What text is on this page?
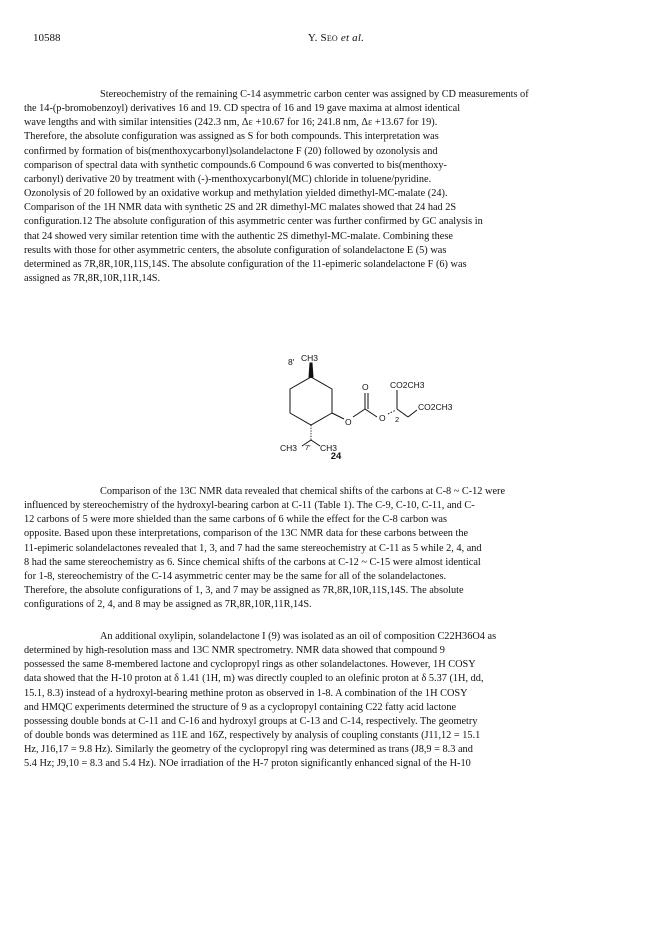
10588	Y. Seo et al.
Stereochemistry of the remaining C-14 asymmetric carbon center was assigned by CD measurements of
the 14-(p-bromobenzoyl) derivatives 16 and 19. CD spectra of 16 and 19 gave maxima at almost identical
wave lengths and with similar intensities (242.3 nm, Δε +10.67 for 16; 241.8 nm, Δε +13.67 for 19).
Therefore, the absolute configuration was assigned as S for both compounds. This interpretation was
confirmed by formation of bis(menthoxycarbonyl)solandelactone F (20) followed by ozonolysis and
comparison of spectral data with synthetic compounds.6 Compound 6 was converted to bis(menthoxy-
carbonyl) derivative 20 by treatment with (-)-menthoxycarbonyl(MC) chloride in toluene/pyridine.
Ozonolysis of 20 followed by an oxidative workup and methylation yielded dimethyl-MC-malate (24).
Comparison of the 1H NMR data with synthetic 2S and 2R dimethyl-MC malates showed that 24 had 2S
configuration.12 The absolute configuration of this asymmetric center was further confirmed by GC analysis in
that 24 showed very similar retention time with the authentic 2S dimethyl-MC-malate. Combining these
results with those for other asymmetric centers, the absolute configuration of solandelactone E (5) was
determined as 7R,8R,10R,11S,14S. The absolute configuration of the 11-epimeric solandelactone F (6) was
assigned as 7R,8R,10R,11R,14S.
8' CH3
O
O	O 2
CO2CH3
CO2CH3
CH3 7' CH3
24
Comparison of the 13C NMR data revealed that chemical shifts of the carbons at C-8 ~ C-12 were
influenced by stereochemistry of the hydroxyl-bearing carbon at C-11 (Table 1). The C-9, C-10, C-11, and C-
12 carbons of 5 were more shielded than the same carbons of 6 while the effect for the C-8 carbon was
opposite. Based upon these interpretations, comparison of the 13C NMR data for these carbons between the
11-epimeric solandelactones revealed that 1, 3, and 7 had the same stereochemistry at C-11 as 5 while 2, 4, and
8 had the same stereochemistry as 6. Since chemical shifts of the carbons at C-12 ~ C-15 were almost identical
for 1-8, stereochemistry of the C-14 asymmetric center may be the same for all of the solandelactones.
Therefore, the absolute configurations of 1, 3, and 7 may be assigned as 7R,8R,10R,11S,14S. The absolute
configurations of 2, 4, and 8 may be assigned as 7R,8R,10R,11R,14S.
An additional oxylipin, solandelactone I (9) was isolated as an oil of composition C22H36O4 as
determined by high-resolution mass and 13C NMR spectrometry. NMR data showed that compound 9
possessed the same 8-membered lactone and cyclopropyl rings as other solandelactones. However, 1H COSY
data showed that the H-10 proton at δ 1.41 (1H, m) was directly coupled to an olefinic proton at δ 5.37 (1H, dd,
15.1, 8.3) instead of a hydroxyl-bearing methine proton as observed in 1-8. A combination of the 1H COSY
and HMQC experiments determined the structure of 9 as a cyclopropyl containing C22 fatty acid lactone
possessing double bonds at C-11 and C-16 and hydroxyl groups at C-13 and C-14, respectively. The geometry
of double bonds was determined as 11E and 16Z, respectively by analysis of coupling constants (J11,12 = 15.1
Hz, J16,17 = 9.8 Hz). Similarly the geometry of the cyclopropyl ring was determined as trans (J8,9 = 8.3 and
5.4 Hz; J9,10 = 8.3 and 5.4 Hz). NOe irradiation of the H-7 proton significantly enhanced signal of the H-10
